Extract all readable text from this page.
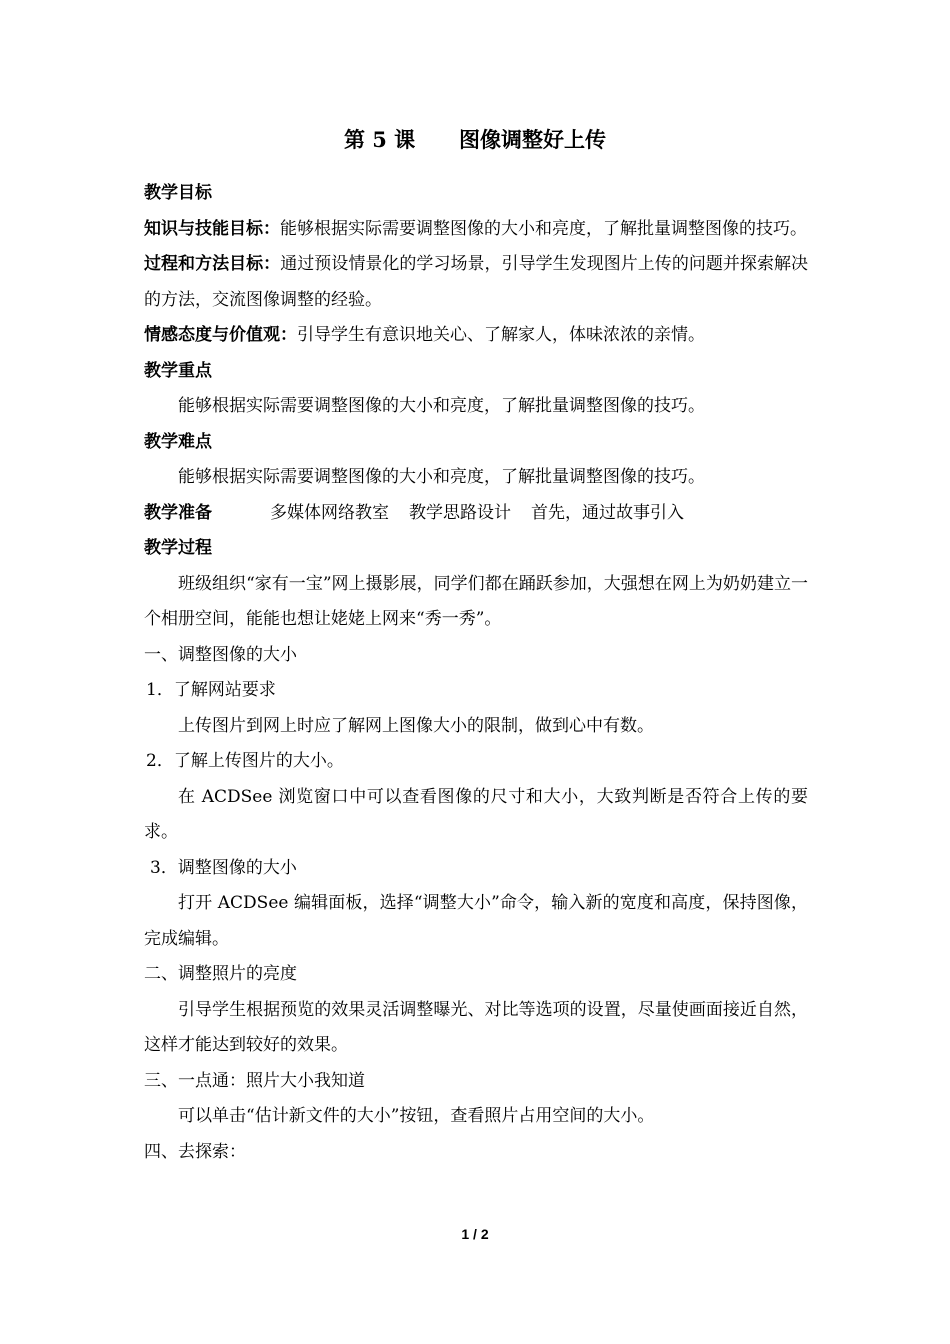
第 5 课      图像调整好上传

教学目标

知识与技能目标：能够根据实际需要调整图像的大小和亮度，了解批量调整图像的技巧。

过程和方法目标：通过预设情景化的学习场景，引导学生发现图片上传的问题并探索解决的方法，交流图像调整的经验。

情感态度与价值观：引导学生有意识地关心、了解家人，体味浓浓的亲情。

教学重点

能够根据实际需要调整图像的大小和亮度，了解批量调整图像的技巧。

教学难点

能够根据实际需要调整图像的大小和亮度，了解批量调整图像的技巧。

教学准备	多媒体网络教室 教学思路设计 首先，通过故事引入

教学过程

班级组织“家有一宝”网上摄影展，同学们都在踊跃参加，大强想在网上为奶奶建立一个相册空间，能能也想让姥姥上网来“秀一秀”。

一、调整图像的大小

1．了解网站要求

上传图片到网上时应了解网上图像大小的限制，做到心中有数。

2．了解上传图片的大小。

在 ACDSee 浏览窗口中可以查看图像的尺寸和大小，大致判断是否符合上传的要求。

3．调整图像的大小

打开 ACDSee 编辑面板，选择“调整大小”命令，输入新的宽度和高度，保持图像，完成编辑。

二、调整照片的亮度

引导学生根据预览的效果灵活调整曝光、对比等选项的设置，尽量使画面接近自然，这样才能达到较好的效果。

三、一点通：照片大小我知道

可以单击“估计新文件的大小”按钮，查看照片占用空间的大小。

四、去探索：

1 / 2
